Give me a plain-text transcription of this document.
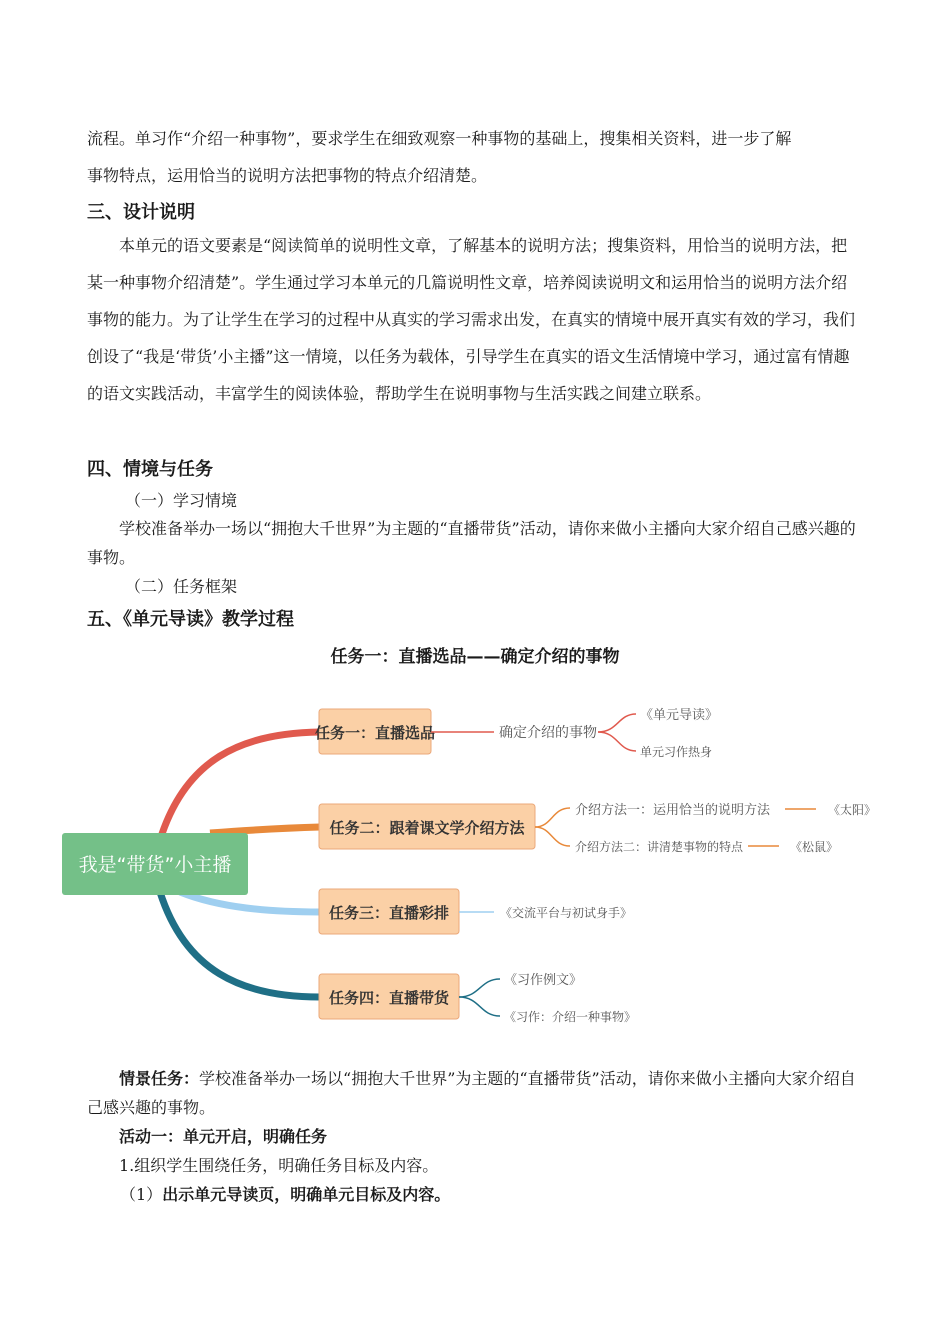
流程。单习作“介绍一种事物”，要求学生在细致观察一种事物的基础上，搜集相关资料，进一步了解

事物特点，运用恰当的说明方法把事物的特点介绍清楚。

三、设计说明

本单元的语文要素是“阅读简单的说明性文章，了解基本的说明方法；搜集资料，用恰当的说明方法，把某一种事物介绍清楚”。学生通过学习本单元的几篇说明性文章，培养阅读说明文和运用恰当的说明方法介绍事物的能力。为了让学生在学习的过程中从真实的学习需求出发，在真实的情境中展开真实有效的学习，我们创设了“我是‘带货’小主播”这一情境，以任务为载体，引导学生在真实的语文生活情境中学习，通过富有情趣的语文实践活动，丰富学生的阅读体验，帮助学生在说明事物与生活实践之间建立联系。

四、情境与任务

（一）学习情境

学校准备举办一场以“拥抱大千世界”为主题的“直播带货”活动，请你来做小主播向大家介绍自己感兴趣的事物。

（二）任务框架

五、《单元导读》教学过程
任务一：直播选品——确定介绍的事物
我是“带货”小主播
任务一：直播选品
任务二：跟着课文学介绍方法
任务三：直播彩排
任务四：直播带货
确定介绍的事物
《单元导读》
单元习作热身
介绍方法一：运用恰当的说明方法	《太阳》
介绍方法二：讲清楚事物的特点	《松鼠》
《交流平台与初试身手》
《习作例文》
《习作：介绍一种事物》

情景任务：学校准备举办一场以“拥抱大千世界”为主题的“直播带货”活动，请你来做小主播向大家介绍自己感兴趣的事物。

活动一：单元开启，明确任务

1.组织学生围绕任务，明确任务目标及内容。

（1）出示单元导读页，明确单元目标及内容。
